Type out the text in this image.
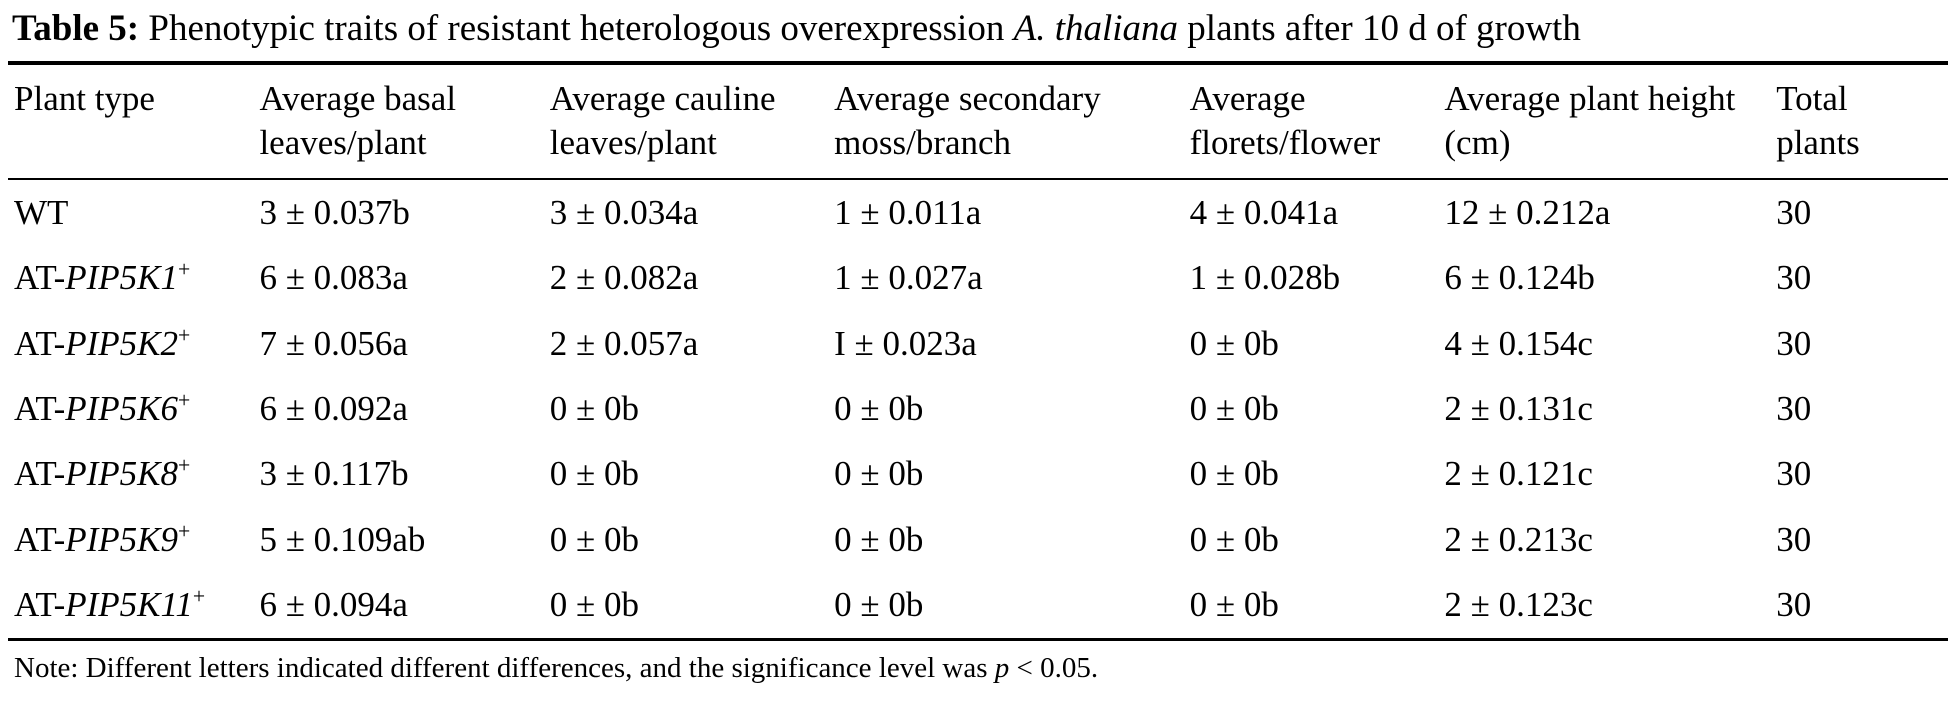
Table 5: Phenotypic traits of resistant heterologous overexpression A. thaliana plants after 10 d of growth
Plant type	Average basal leaves/plant	Average cauline leaves/plant	Average secondary moss/branch	Average florets/flower	Average plant height (cm)	Total plants
WT	3 ± 0.037b	3 ± 0.034a	1 ± 0.011a	4 ± 0.041a	12 ± 0.212a	30
AT-PIP5K1+	6 ± 0.083a	2 ± 0.082a	1 ± 0.027a	1 ± 0.028b	6 ± 0.124b	30
AT-PIP5K2+	7 ± 0.056a	2 ± 0.057a	I ± 0.023a	0 ± 0b	4 ± 0.154c	30
AT-PIP5K6+	6 ± 0.092a	0 ± 0b	0 ± 0b	0 ± 0b	2 ± 0.131c	30
AT-PIP5K8+	3 ± 0.117b	0 ± 0b	0 ± 0b	0 ± 0b	2 ± 0.121c	30
AT-PIP5K9+	5 ± 0.109ab	0 ± 0b	0 ± 0b	0 ± 0b	2 ± 0.213c	30
AT-PIP5K11+	6 ± 0.094a	0 ± 0b	0 ± 0b	0 ± 0b	2 ± 0.123c	30
Note: Different letters indicated different differences, and the significance level was p < 0.05.
